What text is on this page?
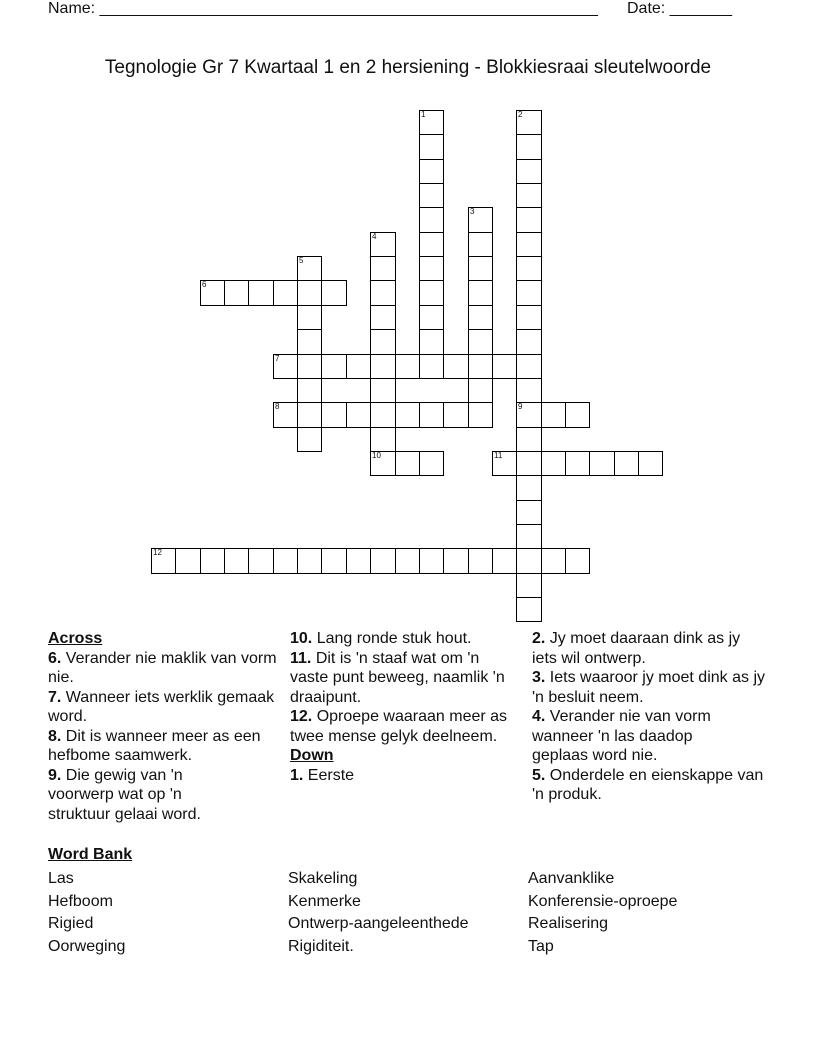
Name: ________________________________________________________ Date: _______
Tegnologie Gr 7 Kwartaal 1 en 2 hersiening - Blokkiesraai sleutelwoorde
1	2
9
3
4
10
5
6
7
8
11
12
Across

6. Verander nie maklik van vorm nie.

7. Wanneer iets werklik gemaak word.

8. Dit is wanneer meer as een hefbome saamwerk.

9. Die gewig van 'n voorwerp wat op 'n struktuur gelaai word.

10. Lang ronde stuk hout.

11. Dit is 'n staaf wat om 'n vaste punt beweeg, naamlik 'n draaipunt.

12. Oproepe waaraan meer as twee mense gelyk deelneem.

Down

1. Eerste

2. Jy moet daaraan dink as jy iets wil ontwerp.

3. Iets waaroor jy moet dink as jy 'n besluit neem.

4. Verander nie van vorm wanneer 'n las daadop geplaas word nie.

5. Onderdele en eienskappe van 'n produk.

Word Bank
Las
Hefboom
Rigied
Oorweging
Skakeling
Kenmerke
Ontwerp-aangeleenthede
Rigiditeit.
Aanvanklike
Konferensie-oproepe
Realisering
Tap
